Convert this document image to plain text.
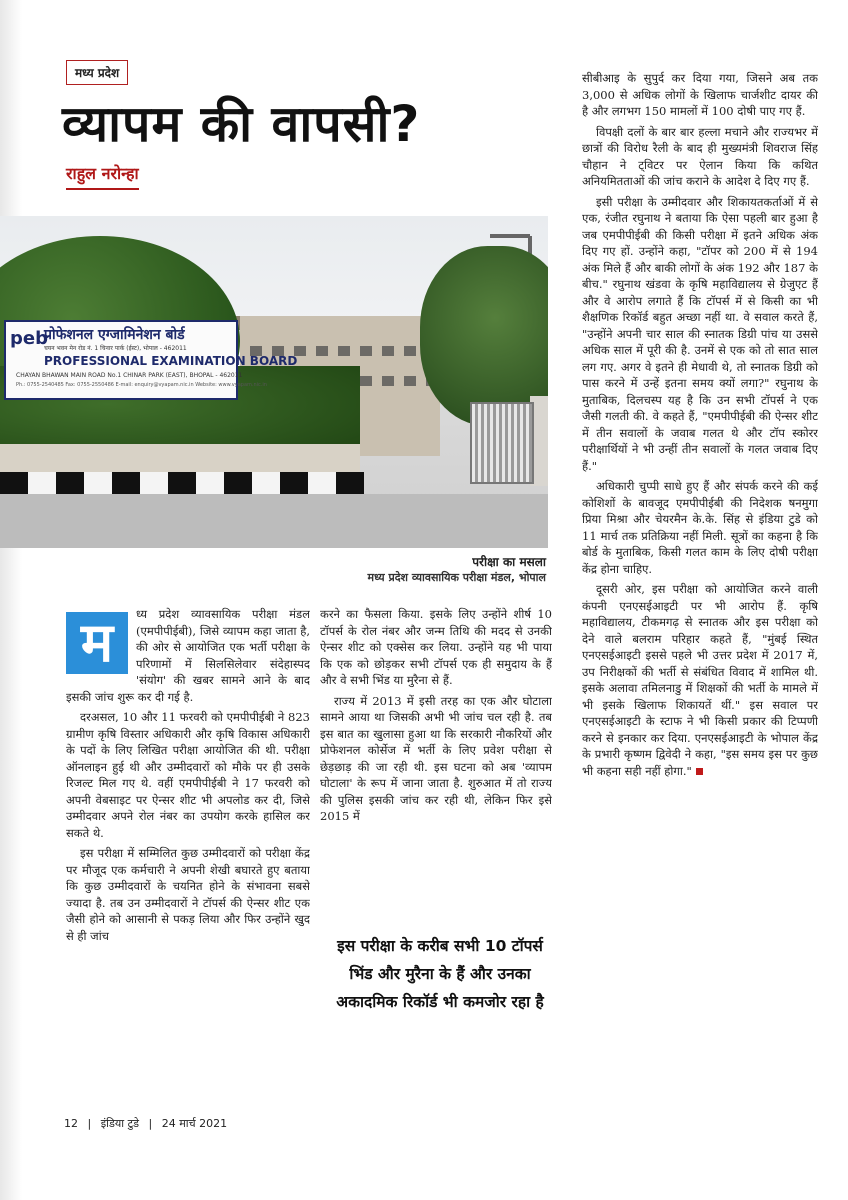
मध्य प्रदेश
व्यापम की वापसी?
राहुल नरोन्हा
peb
प्रोफेशनल एग्जामिनेशन बोर्ड
चयन भवन मेन रोड नं. 1 चिनार पार्क (ईस्ट), भोपाल - 462011
PROFESSIONAL EXAMINATION BOARD
CHAYAN BHAWAN MAIN ROAD No.1 CHINAR PARK (EAST), BHOPAL - 462011
Ph.: 0755-2540485 Fax: 0755-2550486 E-mail: enquiry@vyapam.nic.in Website: www.vyapam.nic.in
परीक्षा का मसला
मध्य प्रदेश व्यावसायिक परीक्षा मंडल, भोपाल
म	ध्य प्रदेश व्यावसायिक परीक्षा मंडल (एमपीपीईबी), जिसे व्यापम कहा जाता है, की ओर से आयोजित एक भर्ती परीक्षा के परिणामों में सिलसिलेवार संदेहास्पद 'संयोग' की खबर सामने आने के बाद इसकी जांच शुरू कर दी गई है.

दरअसल, 10 और 11 फरवरी को एमपीपीईबी ने 823 ग्रामीण कृषि विस्तार अधिकारी और कृषि विकास अधिकारी के पदों के लिए लिखित परीक्षा आयोजित की थी. परीक्षा ऑनलाइन हुई थी और उम्मीदवारों को मौके पर ही उसके रिजल्ट मिल गए थे. वहीं एमपीपीईबी ने 17 फरवरी को अपनी वेबसाइट पर ऐन्सर शीट भी अपलोड कर दी, जिसे उम्मीदवार अपने रोल नंबर का उपयोग करके हासिल कर सकते थे.

इस परीक्षा में सम्मिलित कुछ उम्मीदवारों को परीक्षा केंद्र पर मौजूद एक कर्मचारी ने अपनी शेखी बघारते हुए बताया कि कुछ उम्मीदवारों के चयनित होने के संभावना सबसे ज्यादा है. तब उन उम्मीदवारों ने टॉपर्स की ऐन्सर शीट एक जैसी होने को आसानी से पकड़ लिया और फिर उन्होंने खुद से ही जांच

करने का फैसला किया. इसके लिए उन्होंने शीर्ष 10 टॉपर्स के रोल नंबर और जन्म तिथि की मदद से उनकी ऐन्सर शीट को एक्सेस कर लिया. उन्होंने यह भी पाया कि एक को छोड़कर सभी टॉपर्स एक ही समुदाय के हैं और वे सभी भिंड या मुरैना से हैं.

राज्य में 2013 में इसी तरह का एक और घोटाला सामने आया था जिसकी अभी भी जांच चल रही है. तब इस बात का खुलासा हुआ था कि सरकारी नौकरियों और प्रोफेशनल कोर्सेज में भर्ती के लिए प्रवेश परीक्षा से छेड़छाड़ की जा रही थी. इस घटना को अब 'व्यापम घोटाला' के रूप में जाना जाता है. शुरुआत में तो राज्य की पुलिस इसकी जांच कर रही थी, लेकिन फिर इसे 2015 में

इस परीक्षा के करीब सभी 10 टॉपर्स भिंड और मुरैना के हैं और उनका अकादमिक रिकॉर्ड भी कमजोर रहा है

सीबीआइ के सुपुर्द कर दिया गया, जिसने अब तक 3,000 से अधिक लोगों के खिलाफ चार्जशीट दायर की है और लगभग 150 मामलों में 100 दोषी पाए गए हैं.

विपक्षी दलों के बार बार हल्ला मचाने और राज्यभर में छात्रों की विरोध रैली के बाद ही मुख्यमंत्री शिवराज सिंह चौहान ने ट्विटर पर ऐलान किया कि कथित अनियमितताओं की जांच कराने के आदेश दे दिए गए हैं.

इसी परीक्षा के उम्मीदवार और शिकायतकर्ताओं में से एक, रंजीत रघुनाथ ने बताया कि ऐसा पहली बार हुआ है जब एमपीपीईबी की किसी परीक्षा में इतने अधिक अंक दिए गए हों. उन्होंने कहा, "टॉपर को 200 में से 194 अंक मिले हैं और बाकी लोगों के अंक 192 और 187 के बीच." रघुनाथ खंडवा के कृषि महाविद्यालय से ग्रेजुएट हैं और वे आरोप लगाते हैं कि टॉपर्स में से किसी का भी शैक्षणिक रिकॉर्ड बहुत अच्छा नहीं था. वे सवाल करते हैं, "उन्होंने अपनी चार साल की स्नातक डिग्री पांच या उससे अधिक साल में पूरी की है. उनमें से एक को तो सात साल लग गए. अगर वे इतने ही मेधावी थे, तो स्नातक डिग्री को पास करने में उन्हें इतना समय क्यों लगा?" रघुनाथ के मुताबिक, दिलचस्प यह है कि उन सभी टॉपर्स ने एक जैसी गलती की. वे कहते हैं, "एमपीपीईबी की ऐन्सर शीट में तीन सवालों के जवाब गलत थे और टॉप स्कोरर परीक्षार्थियों ने भी उन्हीं तीन सवालों के गलत जवाब दिए हैं."

अधिकारी चुप्पी साधे हुए हैं और संपर्क करने की कई कोशिशों के बावजूद एमपीपीईबी की निदेशक षनमुगा प्रिया मिश्रा और चेयरमैन के.के. सिंह से इंडिया टुडे को 11 मार्च तक प्रतिक्रिया नहीं मिली. सूत्रों का कहना है कि बोर्ड के मुताबिक, किसी गलत काम के लिए दोषी परीक्षा केंद्र होना चाहिए.

दूसरी ओर, इस परीक्षा को आयोजित करने वाली कंपनी एनएसईआइटी पर भी आरोप हैं. कृषि महाविद्यालय, टीकमगढ़ से स्नातक और इस परीक्षा को देने वाले बलराम परिहार कहते हैं, "मुंबई स्थित एनएसईआइटी इससे पहले भी उत्तर प्रदेश में 2017 में, उप निरीक्षकों की भर्ती से संबंधित विवाद में शामिल थी. इसके अलावा तमिलनाडु में शिक्षकों की भर्ती के मामले में भी इसके खिलाफ शिकायतें थीं." इस सवाल पर एनएसईआइटी के स्टाफ ने भी किसी प्रकार की टिप्पणी करने से इनकार कर दिया. एनएसईआइटी के भोपाल केंद्र के प्रभारी कृष्णम द्विवेदी ने कहा, "इस समय इस पर कुछ भी कहना सही नहीं होगा."

12 | इंडिया टुडे | 24 मार्च 2021
